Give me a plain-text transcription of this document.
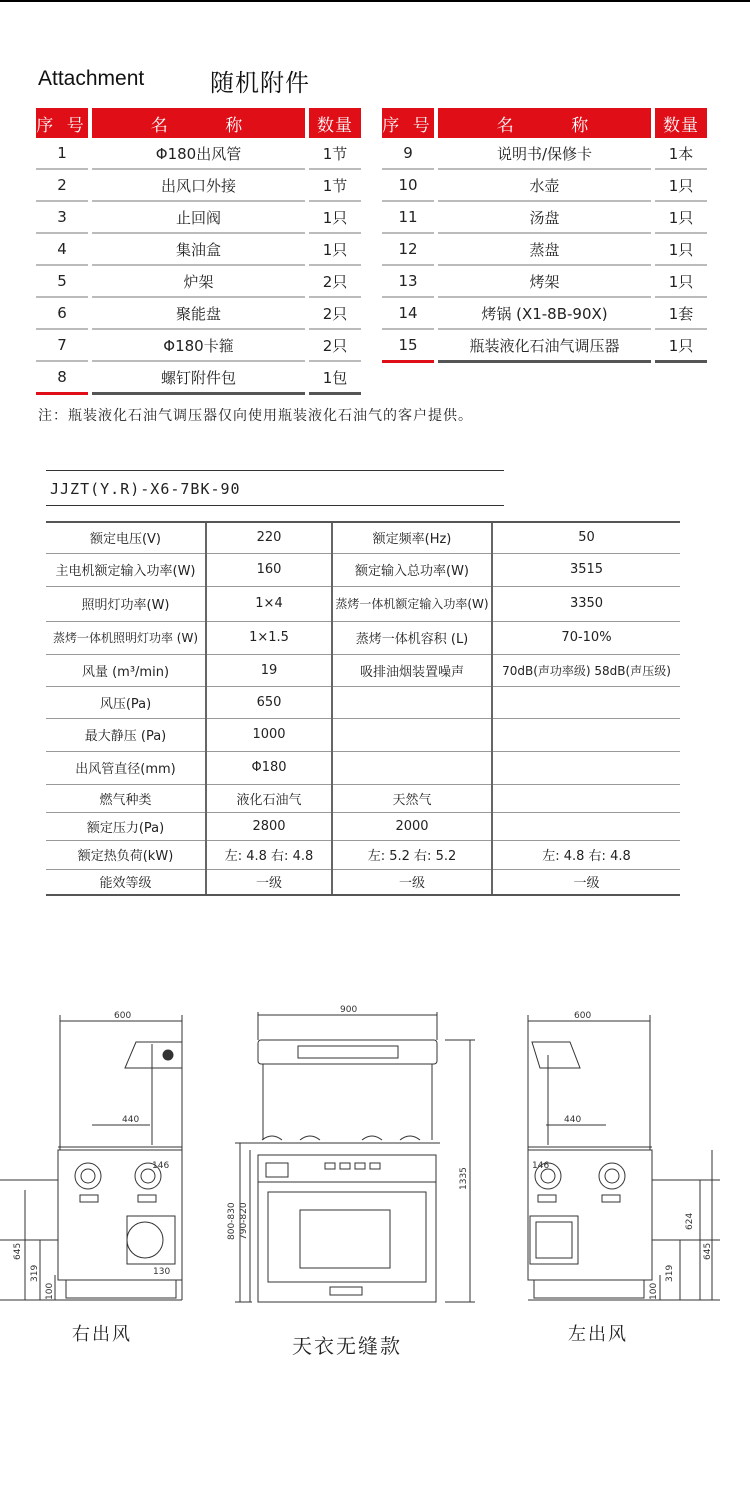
Attachment	随机附件
序 号		名 称		数量
1		Φ180出风管		1节
2		出风口外接		1节
3		止回阀		1只
4		集油盒		1只
5		炉架		2只
6		聚能盘		2只
7		Φ180卡箍		2只
8		螺钉附件包		1包
序 号		名 称		数量
9		说明书/保修卡		1本
10		水壶		1只
11		汤盘		1只
12		蒸盘		1只
13		烤架		1只
14		烤锅 (X1-8B-90X)		1套
15		瓶装液化石油气调压器		1只
注：瓶装液化石油气调压器仅向使用瓶装液化石油气的客户提供。
JJZT(Y.R)-X6-7BK-90
额定电压(V)	220	额定频率(Hz)	50
主电机额定输入功率(W)	160	额定输入总功率(W)	3515
照明灯功率(W)	1×4	蒸烤一体机额定输入功率(W)	3350
蒸烤一体机照明灯功率 (W)	1×1.5	蒸烤一体机容积 (L)	70-10%
风量 (m³/min)	19	吸排油烟装置噪声	70dB(声功率级) 58dB(声压级)
风压(Pa)	650		
最大静压 (Pa)	1000		
出风管直径(mm)	Φ180		
燃气种类	液化石油气	天然气	
额定压力(Pa)	2800	2000	
额定热负荷(kW)	左: 4.8 右: 4.8	左: 5.2 右: 5.2	左: 4.8 右: 4.8
能效等级	一级	一级	一级
600
440
146
130
645
319
100
900
1335
800-830 790-820
600
440
146
645
624
319
100
右出风	天衣无缝款	左出风
